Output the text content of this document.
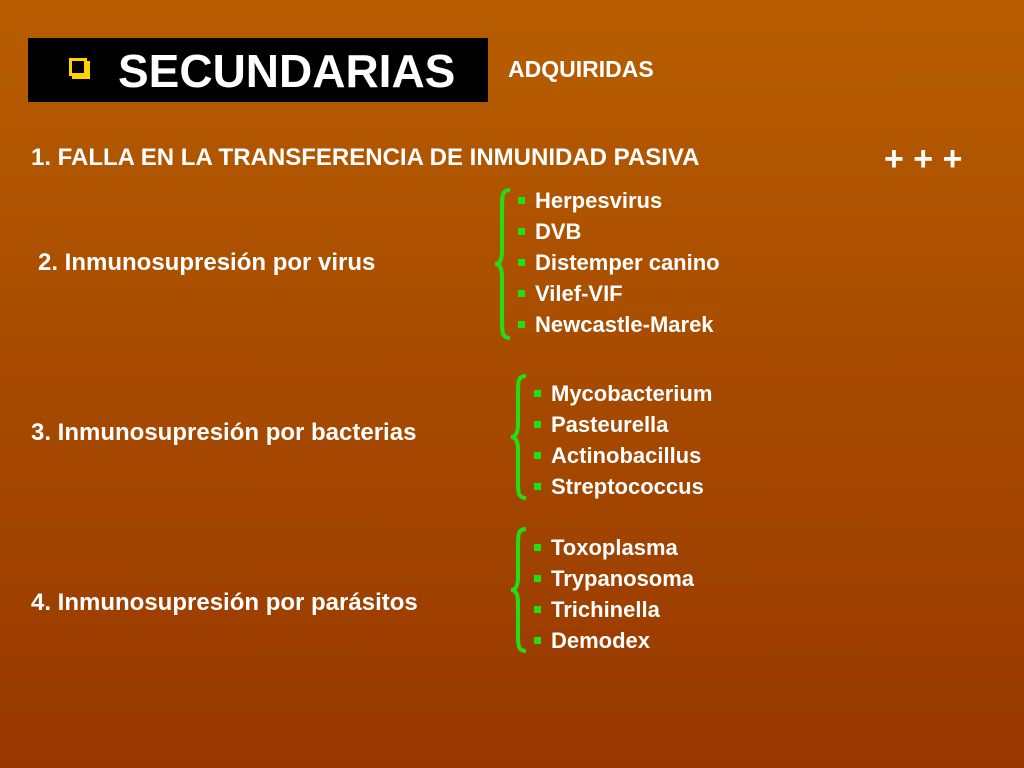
SECUNDARIAS ADQUIRIDAS
1. FALLA EN LA TRANSFERENCIA DE INMUNIDAD PASIVA	+ + +
2. Inmunosupresión por virus
Herpesvirus
DVB
Distemper canino
Vilef-VIF
Newcastle-Marek
3. Inmunosupresión por bacterias
Mycobacterium
Pasteurella
Actinobacillus
Streptococcus
4. Inmunosupresión por parásitos
Toxoplasma
Trypanosoma
Trichinella
Demodex
